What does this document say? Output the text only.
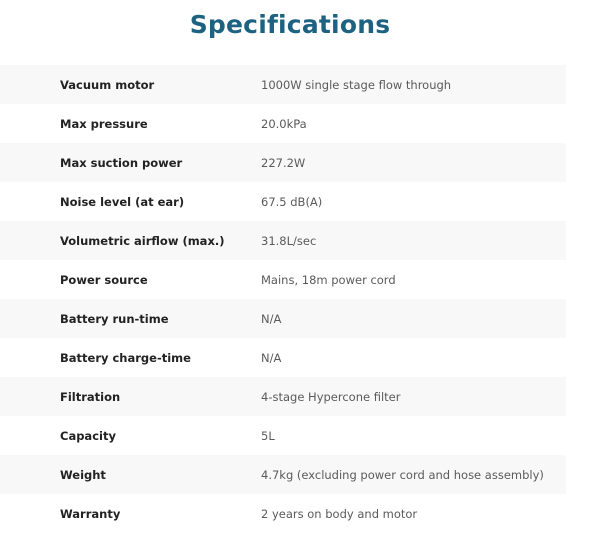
Specifications
Vacuum motor	1000W single stage flow through
Max pressure	20.0kPa
Max suction power	227.2W
Noise level (at ear)	67.5 dB(A)
Volumetric airflow (max.)	31.8L/sec
Power source	Mains, 18m power cord
Battery run-time	N/A
Battery charge-time	N/A
Filtration	4-stage Hypercone filter
Capacity	5L
Weight	4.7kg (excluding power cord and hose assembly)
Warranty	2 years on body and motor
